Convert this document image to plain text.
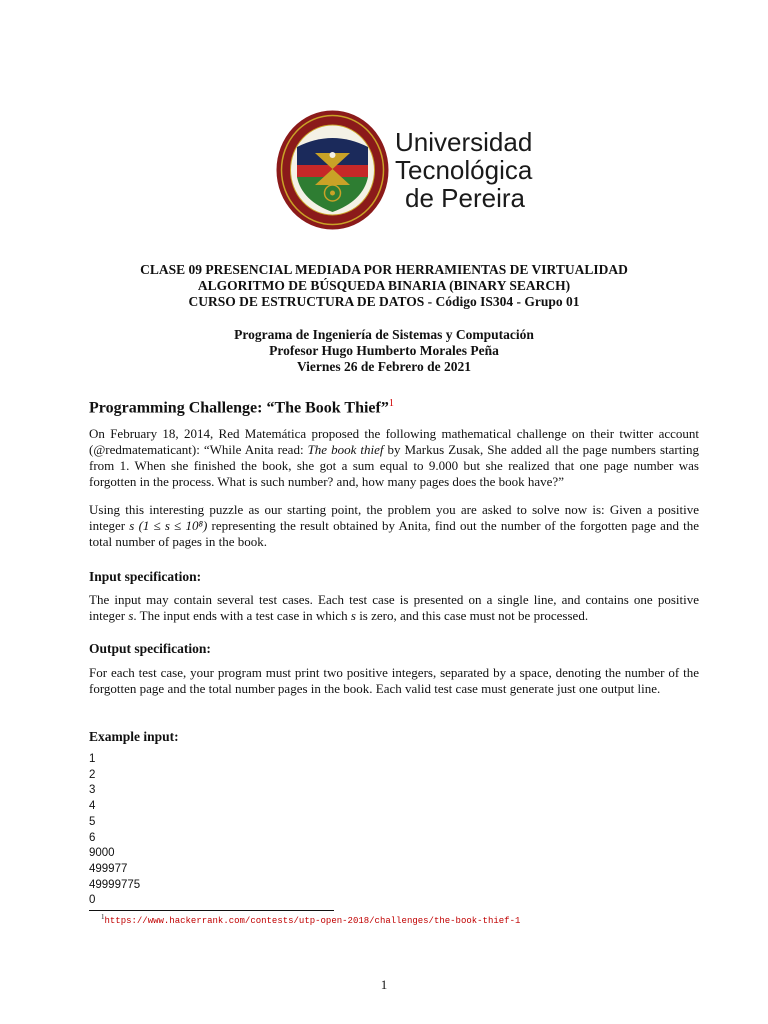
Universidad
Tecnológica
de Pereira
CLASE 09 PRESENCIAL MEDIADA POR HERRAMIENTAS DE VIRTUALIDAD
ALGORITMO DE BÚSQUEDA BINARIA (BINARY SEARCH)
CURSO DE ESTRUCTURA DE DATOS - Código IS304 - Grupo 01
Programa de Ingeniería de Sistemas y Computación
Profesor Hugo Humberto Morales Peña
Viernes 26 de Febrero de 2021
Programming Challenge: “The Book Thief”$^1$
On February 18, 2014, Red Matemática proposed the following mathematical challenge on their twitter account (@redmatematicant): “While Anita read: The book thief by Markus Zusak, She added all the page numbers starting from 1. When she finished the book, she got a sum equal to 9.000 but she realized that one page number was forgotten in the process. What is such number? and, how many pages does the book have?”
Using this interesting puzzle as our starting point, the problem you are asked to solve now is: Given a positive integer s (1 ≤ s ≤ 10⁸) representing the result obtained by Anita, find out the number of the forgotten page and the total number of pages in the book.
Input specification:
The input may contain several test cases. Each test case is presented on a single line, and contains one positive integer s. The input ends with a test case in which s is zero, and this case must not be processed.
Output specification:
For each test case, your program must print two positive integers, separated by a space, denoting the number of the forgotten page and the total number pages in the book. Each valid test case must generate just one output line.
Example input:
1
2
3
4
5
6
9000
499977
49999775
0
$^1$https://www.hackerrank.com/contests/utp-open-2018/challenges/the-book-thief-1
1
